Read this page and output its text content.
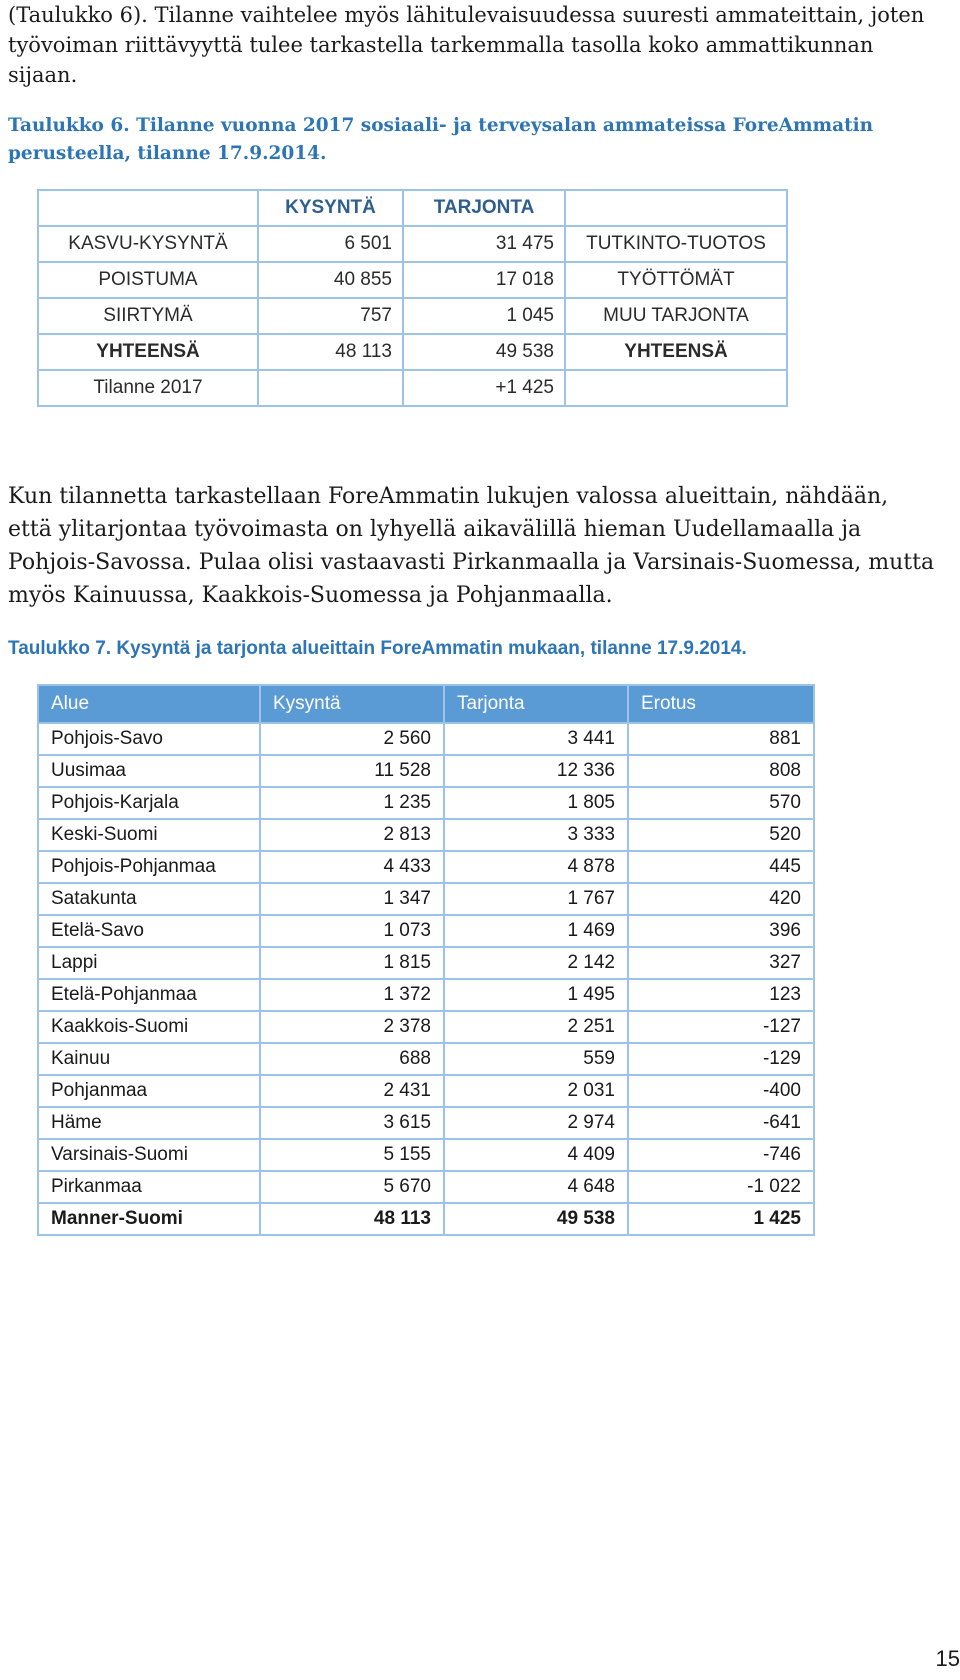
(Taulukko 6). Tilanne vaihtelee myös lähitulevaisuudessa suuresti ammateittain, joten työvoiman riittävyyttä tulee tarkastella tarkemmalla tasolla koko ammattikunnan sijaan.
Taulukko 6. Tilanne vuonna 2017 sosiaali- ja terveysalan ammateissa ForeAmmatin perusteella, tilanne 17.9.2014.
	KYSYNTÄ	TARJONTA	
KASVU-KYSYNTÄ	6 501	31 475	TUTKINTO-TUOTOS
POISTUMA	40 855	17 018	TYÖTTÖMÄT
SIIRTYMÄ	757	1 045	MUU TARJONTA
YHTEENSÄ	48 113	49 538	YHTEENSÄ
Tilanne 2017		+1 425	
Kun tilannetta tarkastellaan ForeAmmatin lukujen valossa alueittain, nähdään, että ylitarjontaa työvoimasta on lyhyellä aikavälillä hieman Uudellamaalla ja Pohjois-Savossa. Pulaa olisi vastaavasti Pirkanmaalla ja Varsinais-Suomessa, mutta myös Kainuussa, Kaakkois-Suomessa ja Pohjanmaalla.
Taulukko 7. Kysyntä ja tarjonta alueittain ForeAmmatin mukaan, tilanne 17.9.2014.
Alue	Kysyntä	Tarjonta	Erotus
Pohjois-Savo	2 560	3 441	881
Uusimaa	11 528	12 336	808
Pohjois-Karjala	1 235	1 805	570
Keski-Suomi	2 813	3 333	520
Pohjois-Pohjanmaa	4 433	4 878	445
Satakunta	1 347	1 767	420
Etelä-Savo	1 073	1 469	396
Lappi	1 815	2 142	327
Etelä-Pohjanmaa	1 372	1 495	123
Kaakkois-Suomi	2 378	2 251	-127
Kainuu	688	559	-129
Pohjanmaa	2 431	2 031	-400
Häme	3 615	2 974	-641
Varsinais-Suomi	5 155	4 409	-746
Pirkanmaa	5 670	4 648	-1 022
Manner-Suomi	48 113	49 538	1 425
15
